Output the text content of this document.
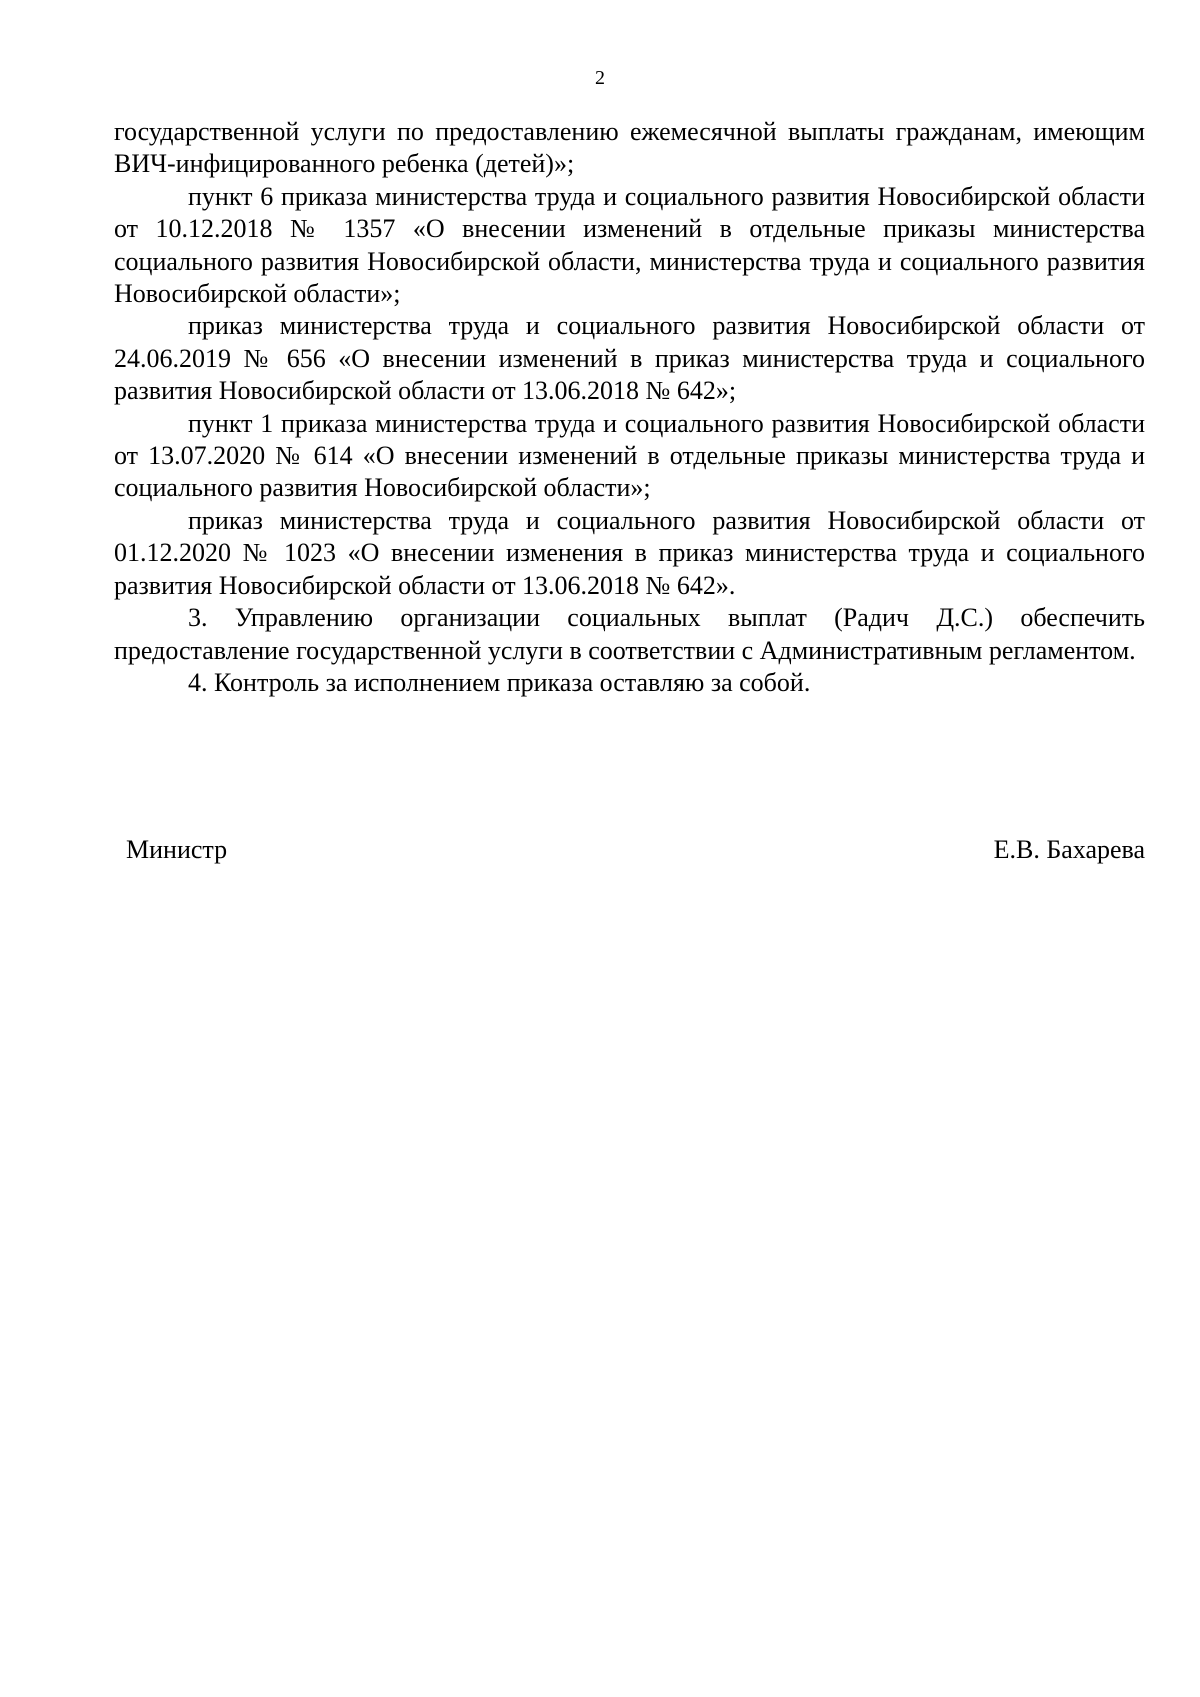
2

государственной услуги по предоставлению ежемесячной выплаты гражданам, имеющим ВИЧ-инфицированного ребенка (детей)»;

пункт 6 приказа министерства труда и социального развития Новосибирской области от 10.12.2018 № 1357 «О внесении изменений в отдельные приказы министерства социального развития Новосибирской области, министерства труда и социального развития Новосибирской области»;

приказ министерства труда и социального развития Новосибирской области от 24.06.2019 № 656 «О внесении изменений в приказ министерства труда и социального развития Новосибирской области от 13.06.2018 № 642»;

пункт 1 приказа министерства труда и социального развития Новосибирской области от 13.07.2020 № 614 «О внесении изменений в отдельные приказы министерства труда и социального развития Новосибирской области»;

приказ министерства труда и социального развития Новосибирской области от 01.12.2020 № 1023 «О внесении изменения в приказ министерства труда и социального развития Новосибирской области от 13.06.2018 № 642».

3. Управлению организации социальных выплат (Радич Д.С.) обеспечить предоставление государственной услуги в соответствии с Административным регламентом.

4. Контроль за исполнением приказа оставляю за собой.

Министр	Е.В. Бахарева
